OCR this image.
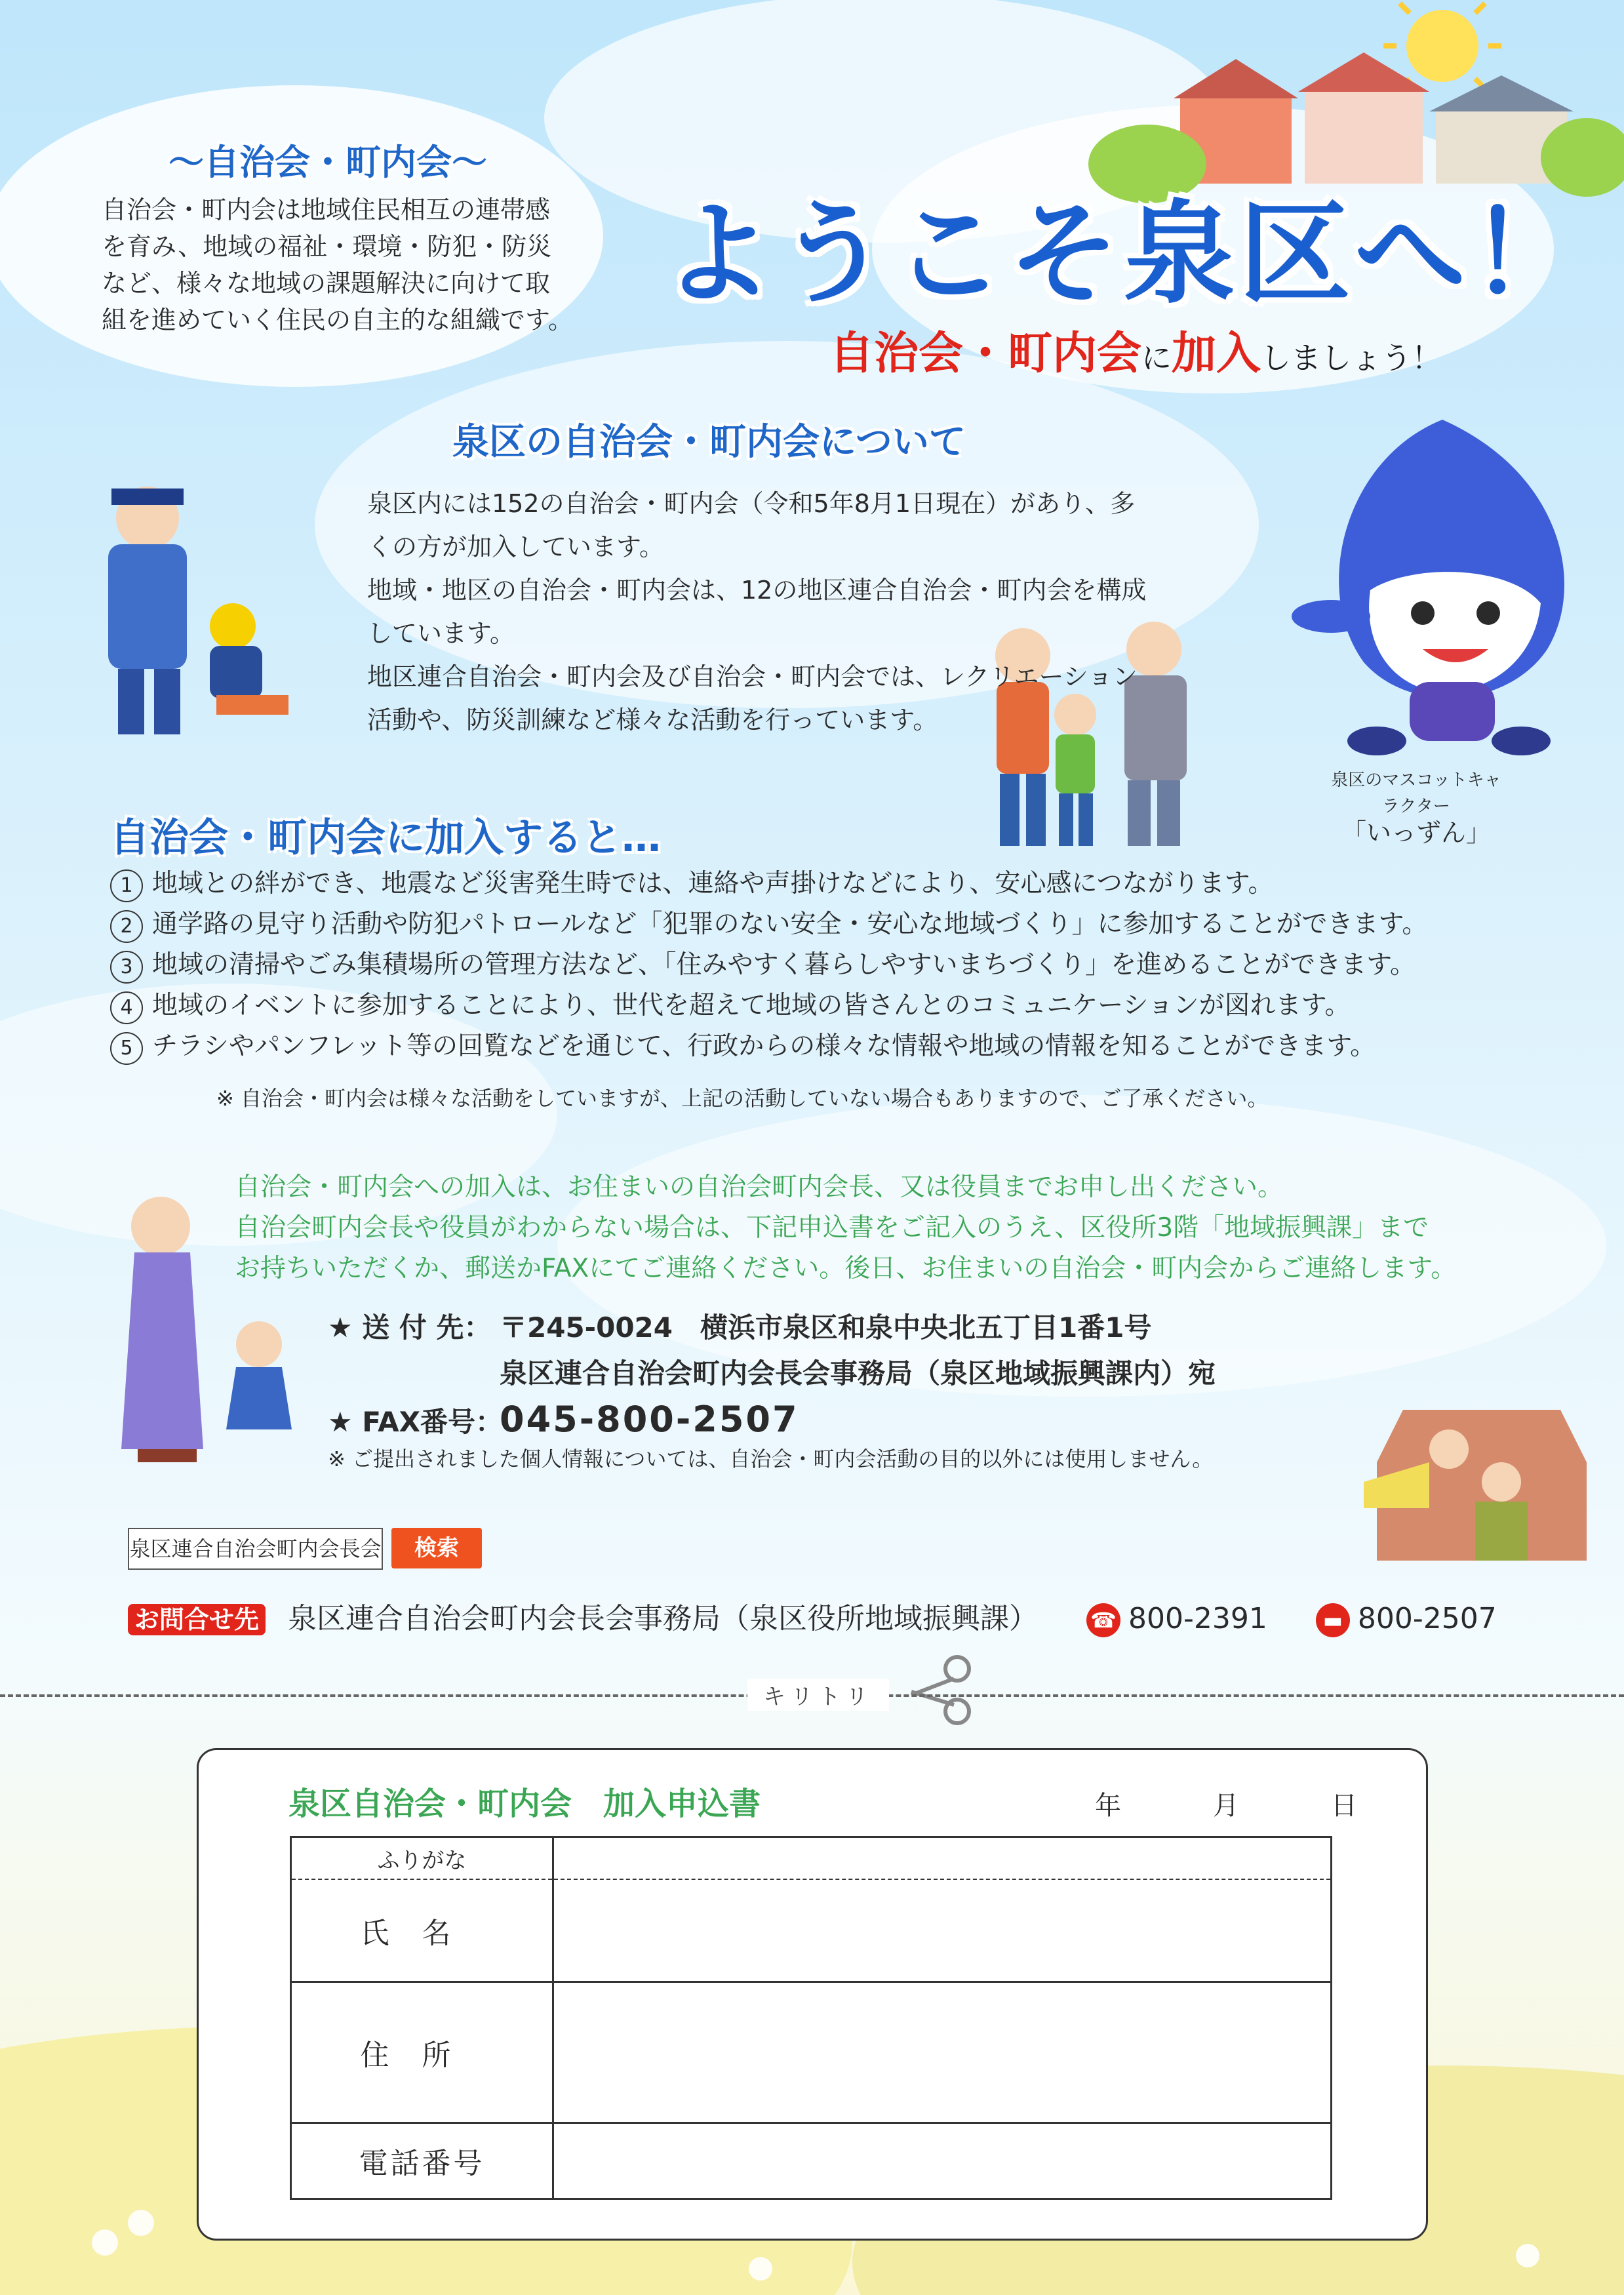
～自治会・町内会～
自治会・町内会は地域住民相互の連帯感を育み、地域の福祉・環境・防犯・防災など、様々な地域の課題解決に向けて取組を進めていく住民の自主的な組織です。
ようこそ泉区へ！
自治会・町内会に加入しましょう！
泉区の自治会・町内会について

泉区内には152の自治会・町内会（令和5年8月1日現在）があり、多くの方が加入しています。

地域・地区の自治会・町内会は、12の地区連合自治会・町内会を構成しています。

地区連合自治会・町内会及び自治会・町内会では、レクリエーション活動や、防災訓練など様々な活動を行っています。

泉区のマスコットキャラクター
「いっずん」
自治会・町内会に加入すると…
1 地域との絆ができ、地震など災害発生時では、連絡や声掛けなどにより、安心感につながります。
2 通学路の見守り活動や防犯パトロールなど「犯罪のない安全・安心な地域づくり」に参加することができます。
3 地域の清掃やごみ集積場所の管理方法など、「住みやすく暮らしやすいまちづくり」を進めることができます。
4 地域のイベントに参加することにより、世代を超えて地域の皆さんとのコミュニケーションが図れます。
5 チラシやパンフレット等の回覧などを通じて、行政からの様々な情報や地域の情報を知ることができます。
※ 自治会・町内会は様々な活動をしていますが、上記の活動していない場合もありますので、ご了承ください。

自治会・町内会への加入は、お住まいの自治会町内会長、又は役員までお申し出ください。

自治会町内会長や役員がわからない場合は、下記申込書をご記入のうえ、区役所3階「地域振興課」まで

お持ちいただくか、郵送かFAXにてご連絡ください。後日、お住まいの自治会・町内会からご連絡します。

★ 送 付 先： 〒245-0024　横浜市泉区和泉中央北五丁目1番1号
泉区連合自治会町内会長会事務局（泉区地域振興課内）宛
★ FAX番号：045-800-2507
※ ご提出されました個人情報については、自治会・町内会活動の目的以外には使用しません。
泉区連合自治会町内会長会	検索
お問合せ先 泉区連合自治会町内会長会事務局（泉区役所地域振興課）	☎ 800-2391	▬ 800-2507
キリトリ
泉区自治会・町内会　加入申込書	年	月	日
ふりがな	
氏名	
住所	
電話番号	
